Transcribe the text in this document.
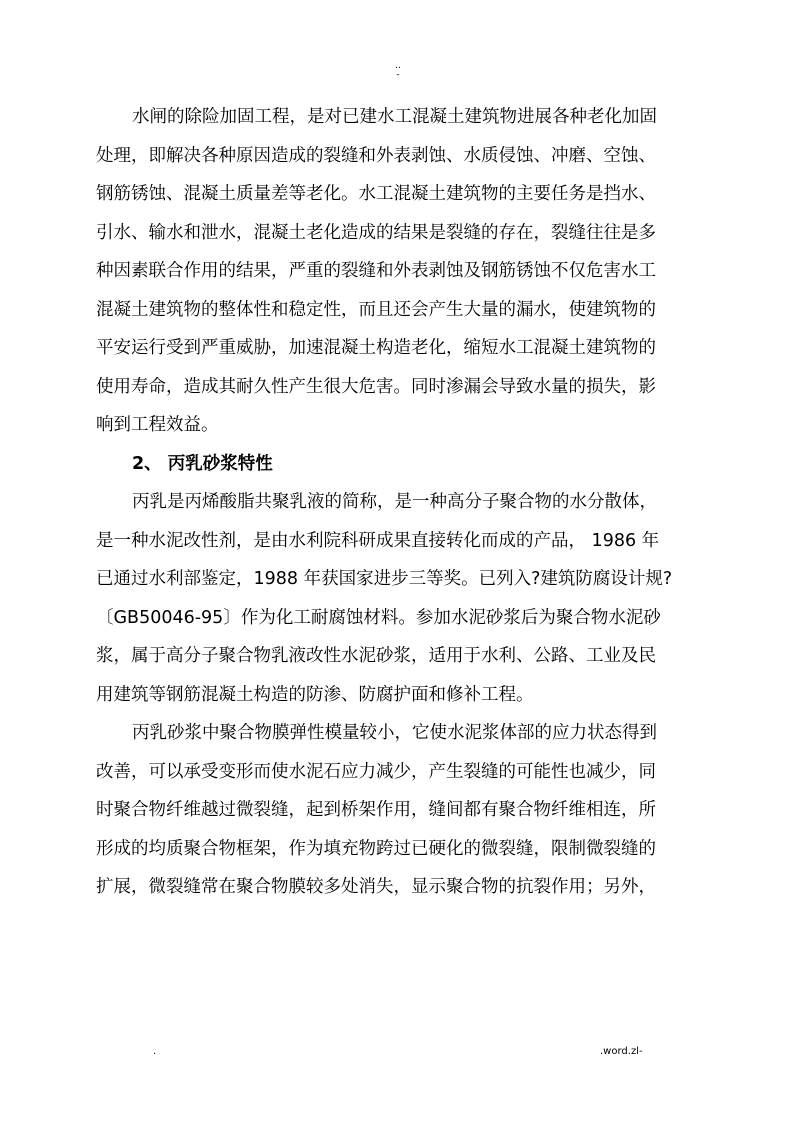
..
-
水闸的除险加固工程，是对已建水工混凝土建筑物进展各种老化加固
处理，即解决各种原因造成的裂缝和外表剥蚀、水质侵蚀、冲磨、空蚀、
钢筋锈蚀、混凝土质量差等老化。水工混凝土建筑物的主要任务是挡水、
引水、输水和泄水，混凝土老化造成的结果是裂缝的存在，裂缝往往是多
种因素联合作用的结果，严重的裂缝和外表剥蚀及钢筋锈蚀不仅危害水工
混凝土建筑物的整体性和稳定性，而且还会产生大量的漏水，使建筑物的
平安运行受到严重威胁，加速混凝土构造老化，缩短水工混凝土建筑物的
使用寿命，造成其耐久性产生很大危害。同时渗漏会导致水量的损失，影
响到工程效益。
2、 丙乳砂浆特性
丙乳是丙烯酸脂共聚乳液的简称，是一种高分子聚合物的水分散体，
是一种水泥改性剂，是由水利院科研成果直接转化而成的产品， 1986 年
已通过水利部鉴定，1988 年获国家进步三等奖。已列入?建筑防腐设计规?
〔GB50046-95〕作为化工耐腐蚀材料。参加水泥砂浆后为聚合物水泥砂
浆，属于高分子聚合物乳液改性水泥砂浆，适用于水利、公路、工业及民
用建筑等钢筋混凝土构造的防渗、防腐护面和修补工程。
丙乳砂浆中聚合物膜弹性模量较小，它使水泥浆体部的应力状态得到
改善，可以承受变形而使水泥石应力减少，产生裂缝的可能性也减少，同
时聚合物纤维越过微裂缝，起到桥架作用，缝间都有聚合物纤维相连，所
形成的均质聚合物框架，作为填充物跨过已硬化的微裂缝，限制微裂缝的
扩展，微裂缝常在聚合物膜较多处消失，显示聚合物的抗裂作用；另外，
.	.word.zl-
